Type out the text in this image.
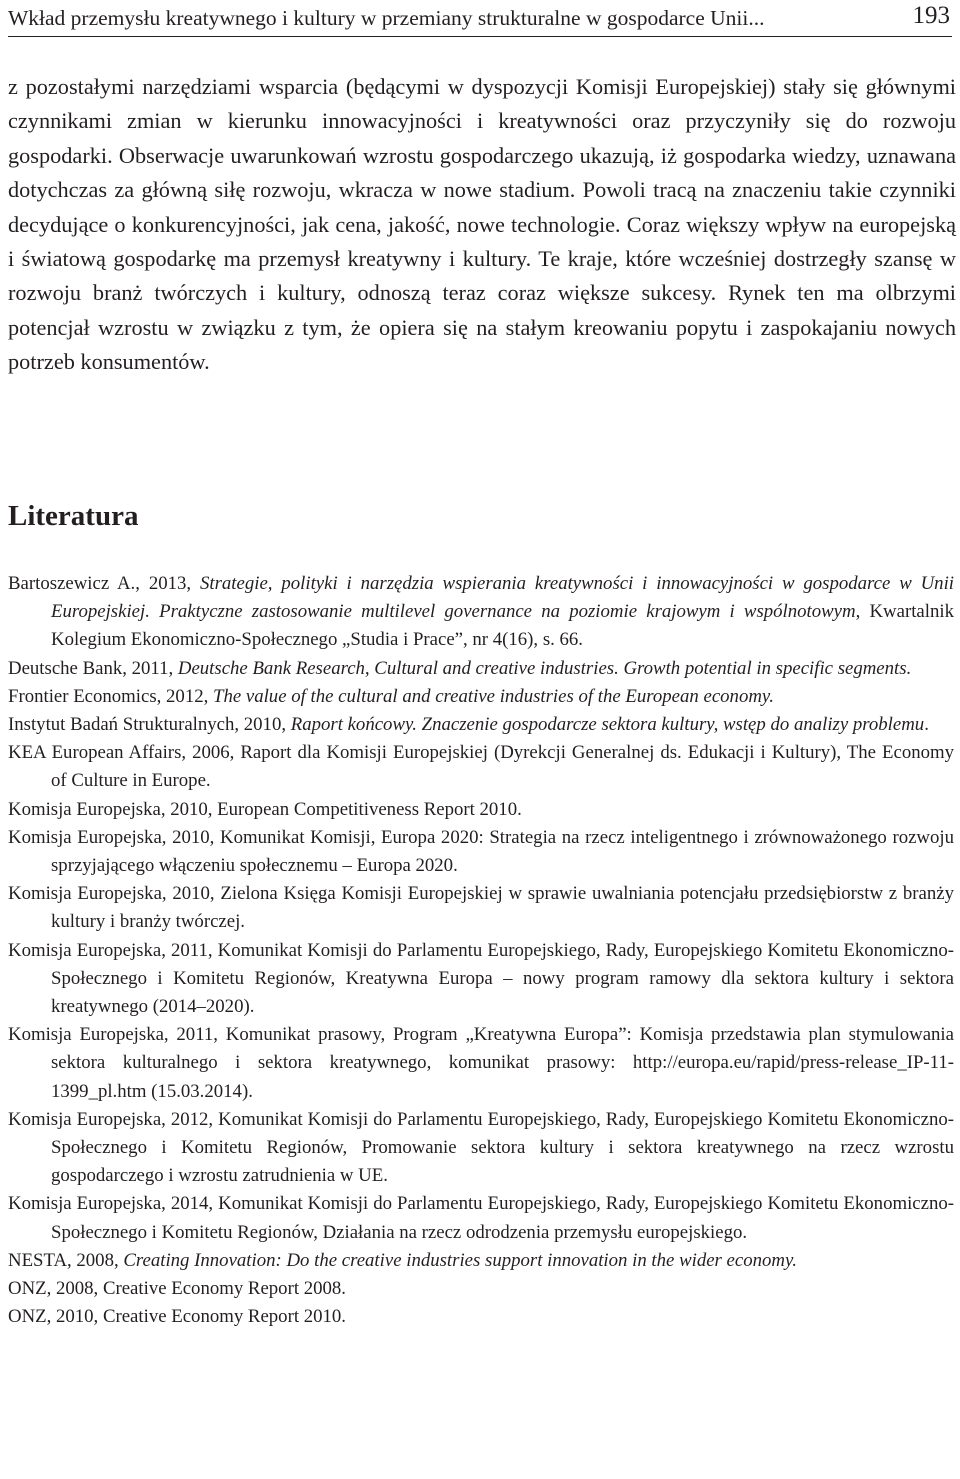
Wkład przemysłu kreatywnego i kultury w przemiany strukturalne w gospodarce Unii...	193

z pozostałymi narzędziami wsparcia (będącymi w dyspozycji Komisji Europejskiej) stały się głównymi czynnikami zmian w kierunku innowacyjności i kreatywności oraz przyczyniły się do rozwoju gospodarki. Obserwacje uwarunkowań wzrostu gospodarczego ukazują, iż gospodarka wiedzy, uznawana dotychczas za główną siłę rozwoju, wkracza w nowe stadium. Powoli tracą na znaczeniu takie czynniki decydujące o konkurencyjności, jak cena, jakość, nowe technologie. Coraz większy wpływ na europejską i światową gospodarkę ma przemysł kreatywny i kultury. Te kraje, które wcześniej dostrzegły szansę w rozwoju branż twórczych i kultury, odnoszą teraz coraz większe sukcesy. Rynek ten ma olbrzymi potencjał wzrostu w związku z tym, że opiera się na stałym kreowaniu popytu i zaspokajaniu nowych potrzeb konsumentów.

Literatura

Bartoszewicz A., 2013, Strategie, polityki i narzędzia wspierania kreatywności i innowacyjności w gospodarce w Unii Europejskiej. Praktyczne zastosowanie multilevel governance na poziomie krajowym i wspólnotowym, Kwartalnik Kolegium Ekonomiczno-Społecznego „Studia i Prace”, nr 4(16), s. 66.

Deutsche Bank, 2011, Deutsche Bank Research, Cultural and creative industries. Growth potential in specific segments.

Frontier Economics, 2012, The value of the cultural and creative industries of the European economy.

Instytut Badań Strukturalnych, 2010, Raport końcowy. Znaczenie gospodarcze sektora kultury, wstęp do analizy problemu.

KEA European Affairs, 2006, Raport dla Komisji Europejskiej (Dyrekcji Generalnej ds. Edukacji i Kultury), The Economy of Culture in Europe.

Komisja Europejska, 2010, European Competitiveness Report 2010.

Komisja Europejska, 2010, Komunikat Komisji, Europa 2020: Strategia na rzecz inteligentnego i zrównoważonego rozwoju sprzyjającego włączeniu społecznemu – Europa 2020.

Komisja Europejska, 2010, Zielona Księga Komisji Europejskiej w sprawie uwalniania potencjału przedsiębiorstw z branży kultury i branży twórczej.

Komisja Europejska, 2011, Komunikat Komisji do Parlamentu Europejskiego, Rady, Europejskiego Komitetu Ekonomiczno-Społecznego i Komitetu Regionów, Kreatywna Europa – nowy program ramowy dla sektora kultury i sektora kreatywnego (2014–2020).

Komisja Europejska, 2011, Komunikat prasowy, Program „Kreatywna Europa”: Komisja przedstawia plan stymulowania sektora kulturalnego i sektora kreatywnego, komunikat prasowy: http://europa.eu/rapid/press-release_IP-11-1399_pl.htm (15.03.2014).

Komisja Europejska, 2012, Komunikat Komisji do Parlamentu Europejskiego, Rady, Europejskiego Komitetu Ekonomiczno-Społecznego i Komitetu Regionów, Promowanie sektora kultury i sektora kreatywnego na rzecz wzrostu gospodarczego i wzrostu zatrudnienia w UE.

Komisja Europejska, 2014, Komunikat Komisji do Parlamentu Europejskiego, Rady, Europejskiego Komitetu Ekonomiczno-Społecznego i Komitetu Regionów, Działania na rzecz odrodzenia przemysłu europejskiego.

NESTA, 2008, Creating Innovation: Do the creative industries support innovation in the wider economy.

ONZ, 2008, Creative Economy Report 2008.

ONZ, 2010, Creative Economy Report 2010.
